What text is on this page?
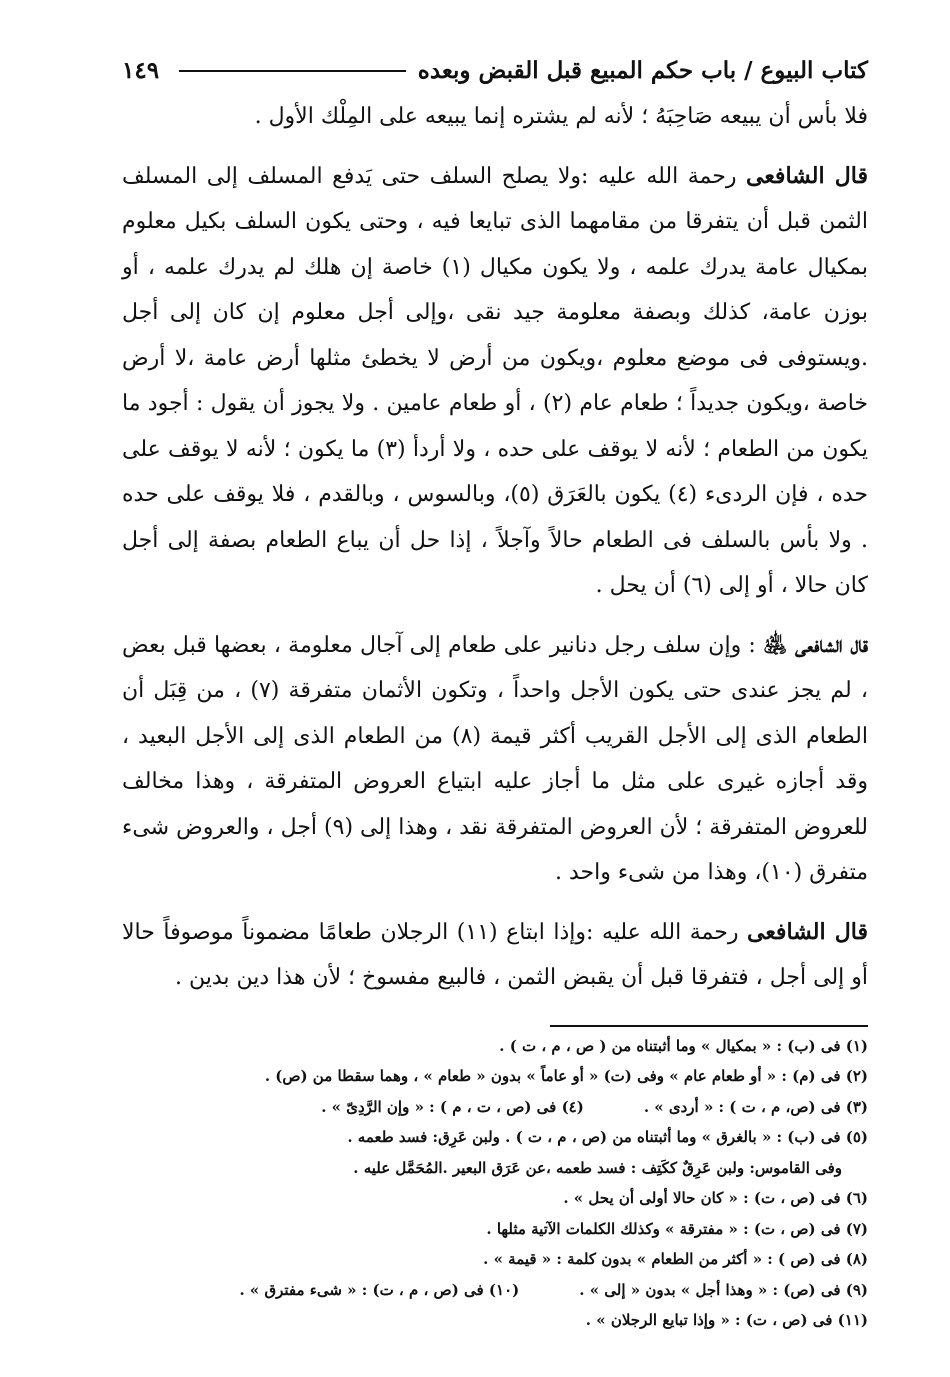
كتاب البيوع / باب حكم المبيع قبل القبض وبعده
١٤٩

فلا بأس أن يبيعه صَاحِبَهُ ؛ لأنه لم يشتره إنما يبيعه على المِلْك الأول .

قال الشافعى رحمة الله عليه :ولا يصلح السلف حتى يَدفع المسلف إلى المسلف الثمن قبل أن يتفرقا من مقامهما الذى تبايعا فيه ، وحتى يكون السلف بكيل معلوم بمكيال عامة يدرك علمه ، ولا يكون مكيال (١) خاصة إن هلك لم يدرك علمه ، أو بوزن عامة، كذلك وبصفة معلومة جيد نقى ،وإلى أجل معلوم إن كان إلى أجل .ويستوفى فى موضع معلوم ،ويكون من أرض لا يخطئ مثلها أرض عامة ،لا أرض خاصة ،ويكون جديداً ؛ طعام عام (٢) ، أو طعام عامين . ولا يجوز أن يقول : أجود ما يكون من الطعام ؛ لأنه لا يوقف على حده ، ولا أردأ (٣) ما يكون ؛ لأنه لا يوقف على حده ، فإن الردىء (٤) يكون بالعَرَق (٥)، وبالسوس ، وبالقدم ، فلا يوقف على حده . ولا بأس بالسلف فى الطعام حالاً وآجلاً ، إذا حل أن يباع الطعام بصفة إلى أجل كان حالا ، أو إلى (٦) أن يحل .

قال الشافعى ﵁ : وإن سلف رجل دنانير على طعام إلى آجال معلومة ، بعضها قبل بعض ، لم يجز عندى حتى يكون الأجل واحداً ، وتكون الأثمان متفرقة (٧) ، من قِبَل أن الطعام الذى إلى الأجل القريب أكثر قيمة (٨) من الطعام الذى إلى الأجل البعيد ، وقد أجازه غيرى على مثل ما أجاز عليه ابتياع العروض المتفرقة ، وهذا مخالف للعروض المتفرقة ؛ لأن العروض المتفرقة نقد ، وهذا إلى (٩) أجل ، والعروض شىء متفرق (١٠)، وهذا من شىء واحد .

قال الشافعى رحمة الله عليه :وإذا ابتاع (١١) الرجلان طعامًا مضموناً موصوفاً حالا أو إلى أجل ، فتفرقا قبل أن يقبض الثمن ، فالبيع مفسوخ ؛ لأن هذا دين بدين .

(١) فى (ب) : « بمكيال » وما أثبتناه من ( ص ، م ، ت ) .

(٢) فى (م) : « أو طعام عام » وفى (ت) « أو عاماً » بدون « طعام » ، وهما سقطا من (ص) .

(٣) فى (ص، م ، ت ) : « أردى » .(٤) فى (ص ، ت ، م ) : « وإن الرَّدِىّ » .

(٥) فى (ب) : « بالغرق » وما أثبتناه من (ص ، م ، ت ) . ولبن عَرِق: فسد طعمه .

وفى القاموس: ولبن عَرِقٌ ككَتِف : فسد طعمه ،عن عَرَق البعير .المُحَمَّل عليه .

(٦) فى (ص ، ت) : « كان حالا أولى أن يحل » .

(٧) فى (ص ، ت) : « مفترقة » وكذلك الكلمات الآتية مثلها .

(٨) فى (ص ) : « أكثر من الطعام » بدون كلمة : « قيمة » .

(٩) فى (ص) : « وهذا أجل » بدون « إلى » .(١٠) فى (ص ، م ، ت) : « شىء مفترق » .

(١١) فى (ص ، ت) : « وإذا تبايع الرجلان » .
